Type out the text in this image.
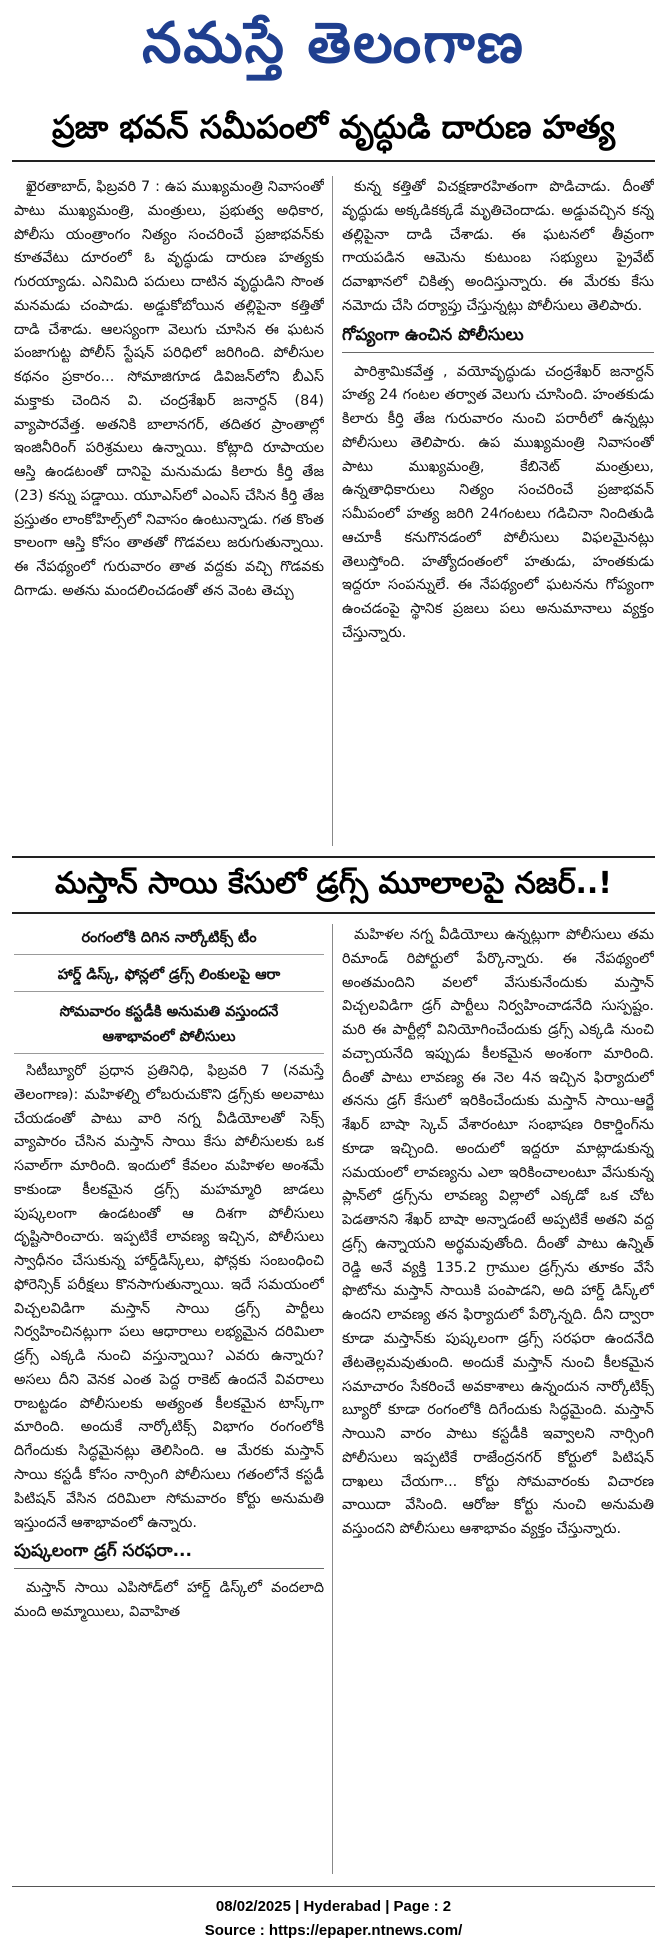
నమస్తే తెలంగాణ
ప్రజా భవన్ సమీపంలో వృద్ధుడి దారుణ హత్య

ఖైరతాబాద్, ఫిబ్రవరి 7 : ఉప ముఖ్యమంత్రి నివాసంతో పాటు ముఖ్యమంత్రి, మంత్రులు, ప్రభుత్వ అధికార, పోలీసు యంత్రాంగం నిత్యం సంచరించే ప్రజాభవన్‌కు కూతవేటు దూరంలో ఓ వృద్ధుడు దారుణ హత్యకు గురయ్యాడు. ఎనిమిది పదులు దాటిన వృద్ధుడిని సొంత మనమడు చంపాడు. అడ్డుకోబోయిన తల్లిపైనా కత్తితో దాడి చేశాడు. ఆలస్యంగా వెలుగు చూసిన ఈ ఘటన పంజాగుట్ట పోలీస్ స్టేషన్ పరిధిలో జరిగింది. పోలీసుల కథనం ప్రకారం... సోమాజిగూడ డివిజన్‌లోని బీఎస్ మక్తాకు చెందిన వి. చంద్రశేఖర్ జనార్దన్ (84) వ్యాపారవేత్త. అతనికి బాలానగర్, తదితర ప్రాంతాల్లో ఇంజినీరింగ్ పరిశ్రమలు ఉన్నాయి. కోట్లాది రూపాయల ఆస్తి ఉండటంతో దానిపై మనుమడు కిలారు కీర్తి తేజ (23) కన్ను పడ్డాయి. యూఎస్‌లో ఎంఎస్ చేసిన కీర్తి తేజ ప్రస్తుతం లాంకోహిల్స్‌లో నివాసం ఉంటున్నాడు. గత కొంత కాలంగా ఆస్తి కోసం తాతతో గొడవలు జరుగుతున్నాయి. ఈ నేపథ్యంలో గురువారం తాత వద్దకు వచ్చి గొడవకు దిగాడు. అతను మందలించడంతో తన వెంట తెచ్చు

కున్న కత్తితో విచక్షణారహితంగా పొడిచాడు. దీంతో వృద్ధుడు అక్కడికక్కడే మృతిచెందాడు. అడ్డువచ్చిన కన్న తల్లిపైనా దాడి చేశాడు. ఈ ఘటనలో తీవ్రంగా గాయపడిన ఆమెను కుటుంబ సభ్యులు ప్రైవేట్ దవాఖానలో చికిత్స అందిస్తున్నారు. ఈ మేరకు కేసు నమోదు చేసి దర్యాప్తు చేస్తున్నట్లు పోలీసులు తెలిపారు.

గోప్యంగా ఉంచిన పోలీసులు

పారిశ్రామికవేత్త , వయోవృద్ధుడు చంద్రశేఖర్ జనార్దన్ హత్య 24 గంటల తర్వాత వెలుగు చూసింది. హంతకుడు కిలారు కీర్తి తేజ గురువారం నుంచి పరారీలో ఉన్నట్లు పోలీసులు తెలిపారు. ఉప ముఖ్యమంత్రి నివాసంతో పాటు ముఖ్యమంత్రి, కేబినెట్ మంత్రులు, ఉన్నతాధికారులు నిత్యం సంచరించే ప్రజాభవన్ సమీపంలో హత్య జరిగి 24గంటలు గడిచినా నిందితుడి ఆచూకీ కనుగొనడంలో పోలీసులు విఫలమైనట్లు తెలుస్తోంది. హత్యోదంతంలో హతుడు, హంతకుడు ఇద్దరూ సంపన్నులే. ఈ నేపథ్యంలో ఘటనను గోప్యంగా ఉంచడంపై స్థానిక ప్రజలు పలు అనుమానాలు వ్యక్తం చేస్తున్నారు.

మస్తాన్ సాయి కేసులో డ్రగ్స్ మూలాలపై నజర్..!
రంగంలోకి దిగిన నార్కోటిక్స్ టీం
హార్డ్ డిస్క్, ఫోన్లలో డ్రగ్స్ లింకులపై ఆరా
సోమవారం కస్టడీకి అనుమతి వస్తుందనే
ఆశాభావంలో పోలీసులు

సిటీబ్యూరో ప్రధాన ప్రతినిధి, ఫిబ్రవరి 7 (నమస్తే తెలంగాణ): మహిళల్ని లోబరుచుకొని డ్రగ్స్‌కు అలవాటు చేయడంతో పాటు వారి నగ్న వీడియోలతో సెక్స్ వ్యాపారం చేసిన మస్తాన్ సాయి కేసు పోలీసులకు ఒక సవాల్‌గా మారింది. ఇందులో కేవలం మహిళల అంశమే కాకుండా కీలకమైన డ్రగ్స్ మహమ్మారి జాడలు పుష్కలంగా ఉండటంతో ఆ దిశగా పోలీసులు దృష్టిసారించారు. ఇప్పటికే లావణ్య ఇచ్చిన, పోలీసులు స్వాధీనం చేసుకున్న హార్డ్‌డిస్క్‌లు, ఫోన్లకు సంబంధించి ఫోరెన్సిక్ పరీక్షలు కొనసాగుతున్నాయి. ఇదే సమయంలో విచ్చలవిడిగా మస్తాన్ సాయి డ్రగ్స్ పార్టీలు నిర్వహించినట్లుగా పలు ఆధారాలు లభ్యమైన దరిమిలా డ్రగ్స్ ఎక్కడి నుంచి వస్తున్నాయి? ఎవరు ఉన్నారు? అసలు దీని వెనక ఎంత పెద్ద రాకెట్ ఉందనే వివరాలు రాబట్టడం పోలీసులకు అత్యంత కీలకమైన టాస్క్‌గా మారింది. అందుకే నార్కోటిక్స్ విభాగం రంగంలోకి దిగేందుకు సిద్ధమైనట్లు తెలిసింది. ఆ మేరకు మస్తాన్ సాయి కస్టడీ కోసం నార్సింగి పోలీసులు గతంలోనే కస్టడీ పిటిషన్ వేసిన దరిమిలా సోమవారం కోర్టు అనుమతి ఇస్తుందనే ఆశాభావంలో ఉన్నారు.

పుష్కలంగా డ్రగ్ సరఫరా...

మస్తాన్ సాయి ఎపిసోడ్‌లో హార్డ్ డిస్క్‌లో వందలాది మంది అమ్మాయిలు, వివాహిత

మహిళల నగ్న వీడియోలు ఉన్నట్లుగా పోలీసులు తమ రిమాండ్ రిపోర్టులో పేర్కొన్నారు. ఈ నేపథ్యంలో అంతమందిని వలలో వేసుకునేందుకు మస్తాన్ విచ్చలవిడిగా డ్రగ్ పార్టీలు నిర్వహించాడనేది సుస్పష్టం. మరి ఈ పార్టీల్లో వినియోగించేందుకు డ్రగ్స్ ఎక్కడి నుంచి వచ్చాయనేది ఇప్పుడు కీలకమైన అంశంగా మారింది. దీంతో పాటు లావణ్య ఈ నెల 4న ఇచ్చిన ఫిర్యాదులో తనను డ్రగ్ కేసులో ఇరికించేందుకు మస్తాన్ సాయి-ఆర్జే శేఖర్ బాషా స్కెచ్ వేశారంటూ సంభాషణ రికార్డింగ్‌ను కూడా ఇచ్చింది. అందులో ఇద్దరూ మాట్లాడుకున్న సమయంలో లావణ్యను ఎలా ఇరికించాలంటూ వేసుకున్న ప్లాన్‌లో డ్రగ్స్‌ను లావణ్య విల్లాలో ఎక్కడో ఒక చోట పెడతానని శేఖర్ బాషా అన్నాడంటే అప్పటికే అతని వద్ద డ్రగ్స్ ఉన్నాయని అర్థమవుతోంది. దీంతో పాటు ఉన్నిత్ రెడ్డి అనే వ్యక్తి 135.2 గ్రాముల డ్రగ్స్‌ను తూకం వేసే ఫొటోను మస్తాన్ సాయికి పంపాడని, అది హార్డ్ డిస్క్‌లో ఉందని లావణ్య తన ఫిర్యాదులో పేర్కొన్నది. దీని ద్వారా కూడా మస్తాన్‌కు పుష్కలంగా డ్రగ్స్ సరఫరా ఉందనేది తేటతెల్లమవుతుంది. అందుకే మస్తాన్ నుంచి కీలకమైన సమాచారం సేకరించే అవకాశాలు ఉన్నందున నార్కోటిక్స్ బ్యూరో కూడా రంగంలోకి దిగేందుకు సిద్ధమైంది. మస్తాన్ సాయిని వారం పాటు కస్టడీకి ఇవ్వాలని నార్సింగి పోలీసులు ఇప్పటికే రాజేంద్రనగర్ కోర్టులో పిటిషన్ దాఖలు చేయగా... కోర్టు సోమవారంకు విచారణ వాయిదా వేసింది. ఆరోజు కోర్టు నుంచి అనుమతి వస్తుందని పోలీసులు ఆశాభావం వ్యక్తం చేస్తున్నారు.

08/02/2025 | Hyderabad | Page : 2
Source : https://epaper.ntnews.com/
